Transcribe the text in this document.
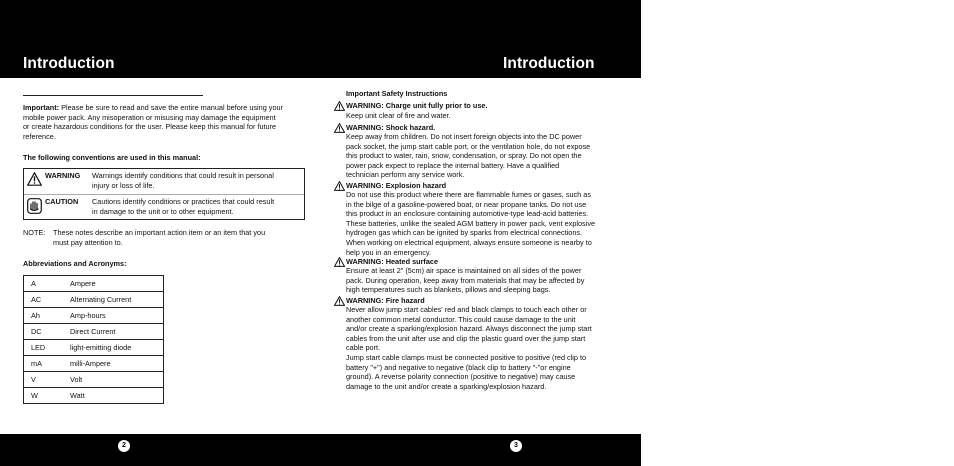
Introduction
2
Important: Please be sure to read and save the entire manual before using your
mobile power pack. Any misoperation or misusing may damage the equipment
or create hazardous conditions for the user. Please keep this manual for future
reference.
The following conventions are used in this manual:
WARNING Warnings identify conditions that could result in personal
injury or loss of life.
CAUTION Cautions identify conditions or practices that could result
in damage to the unit or to other equipment.
NOTE: These notes describe an important action item or an item that you
must pay attention to.
Abbreviations and Acronyms:
A	Ampere
AC	Alternating Current
Ah	Amp-hours
DC	Direct Current
LED	light-emitting diode
mA	milli-Ampere
V	Volt
W	Watt
Introduction
3
Important Safety Instructions
WARNING: Charge unit fully prior to use.
Keep unit clear of fire and water.
WARNING: Shock hazard.
Keep away from children. Do not insert foreign objects into the DC power
pack socket, the jump start cable port, or the ventilation hole, do not expose
this product to water, rain, snow, condensation, or spray. Do not open the
power pack expect to replace the internal battery. Have a qualified
technician perform any service work.
WARNING: Explosion hazard
Do not use this product where there are flammable fumes or gases, such as
in the bilge of a gasoline-powered boat, or near propane tanks. Do not use
this product in an enclosure containing automotive-type lead-acid batteries.
These batteries, unlike the sealed AGM battery in power pack, vent explosive
hydrogen gas which can be ignited by sparks from electrical connections.
When working on electrical equipment, always ensure someone is nearby to
help you in an emergency.
WARNING: Heated surface
Ensure at least 2" (5cm) air space is maintained on all sides of the power
pack. During operation, keep away from materials that may be affected by
high temperatures such as blankets, pillows and sleeping bags.
WARNING: Fire hazard
Never allow jump start cables' red and black clamps to touch each other or
another common metal conductor. This could cause damage to the unit
and/or create a sparking/explosion hazard. Always disconnect the jump start
cables from the unit after use and clip the plastic guard over the jump start
cable port.
Jump start cable clamps must be connected positive to positive (red clip to
battery "+") and negative to negative (black clip to battery "-"or engine
ground). A reverse polarity connection (positive to negative) may cause
damage to the unit and/or create a sparking/explosion hazard.
